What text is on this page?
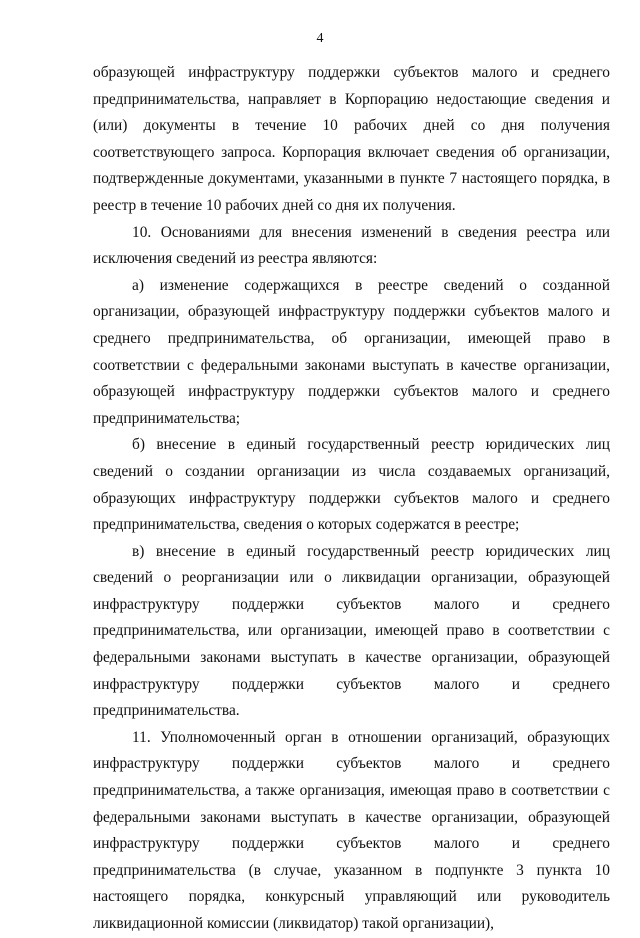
4

образующей инфраструктуру поддержки субъектов малого и среднего предпринимательства, направляет в Корпорацию недостающие сведения и (или) документы в течение 10 рабочих дней со дня получения соответствующего запроса. Корпорация включает сведения об организации, подтвержденные документами, указанными в пункте 7 настоящего порядка, в реестр в течение 10 рабочих дней со дня их получения.

10. Основаниями для внесения изменений в сведения реестра или исключения сведений из реестра являются:

а) изменение содержащихся в реестре сведений о созданной организации, образующей инфраструктуру поддержки субъектов малого и среднего предпринимательства, об организации, имеющей право в соответствии с федеральными законами выступать в качестве организации, образующей инфраструктуру поддержки субъектов малого и среднего предпринимательства;

б) внесение в единый государственный реестр юридических лиц сведений о создании организации из числа создаваемых организаций, образующих инфраструктуру поддержки субъектов малого и среднего предпринимательства, сведения о которых содержатся в реестре;

в) внесение в единый государственный реестр юридических лиц сведений о реорганизации или о ликвидации организации, образующей инфраструктуру поддержки субъектов малого и среднего предпринимательства, или организации, имеющей право в соответствии с федеральными законами выступать в качестве организации, образующей инфраструктуру поддержки субъектов малого и среднего предпринимательства.

11. Уполномоченный орган в отношении организаций, образующих инфраструктуру поддержки субъектов малого и среднего предпринимательства, а также организация, имеющая право в соответствии с федеральными законами выступать в качестве организации, образующей инфраструктуру поддержки субъектов малого и среднего предпринимательства (в случае, указанном в подпункте 3 пункта 10 настоящего порядка, конкурсный управляющий или руководитель ликвидационной комиссии (ликвидатор) такой организации),
